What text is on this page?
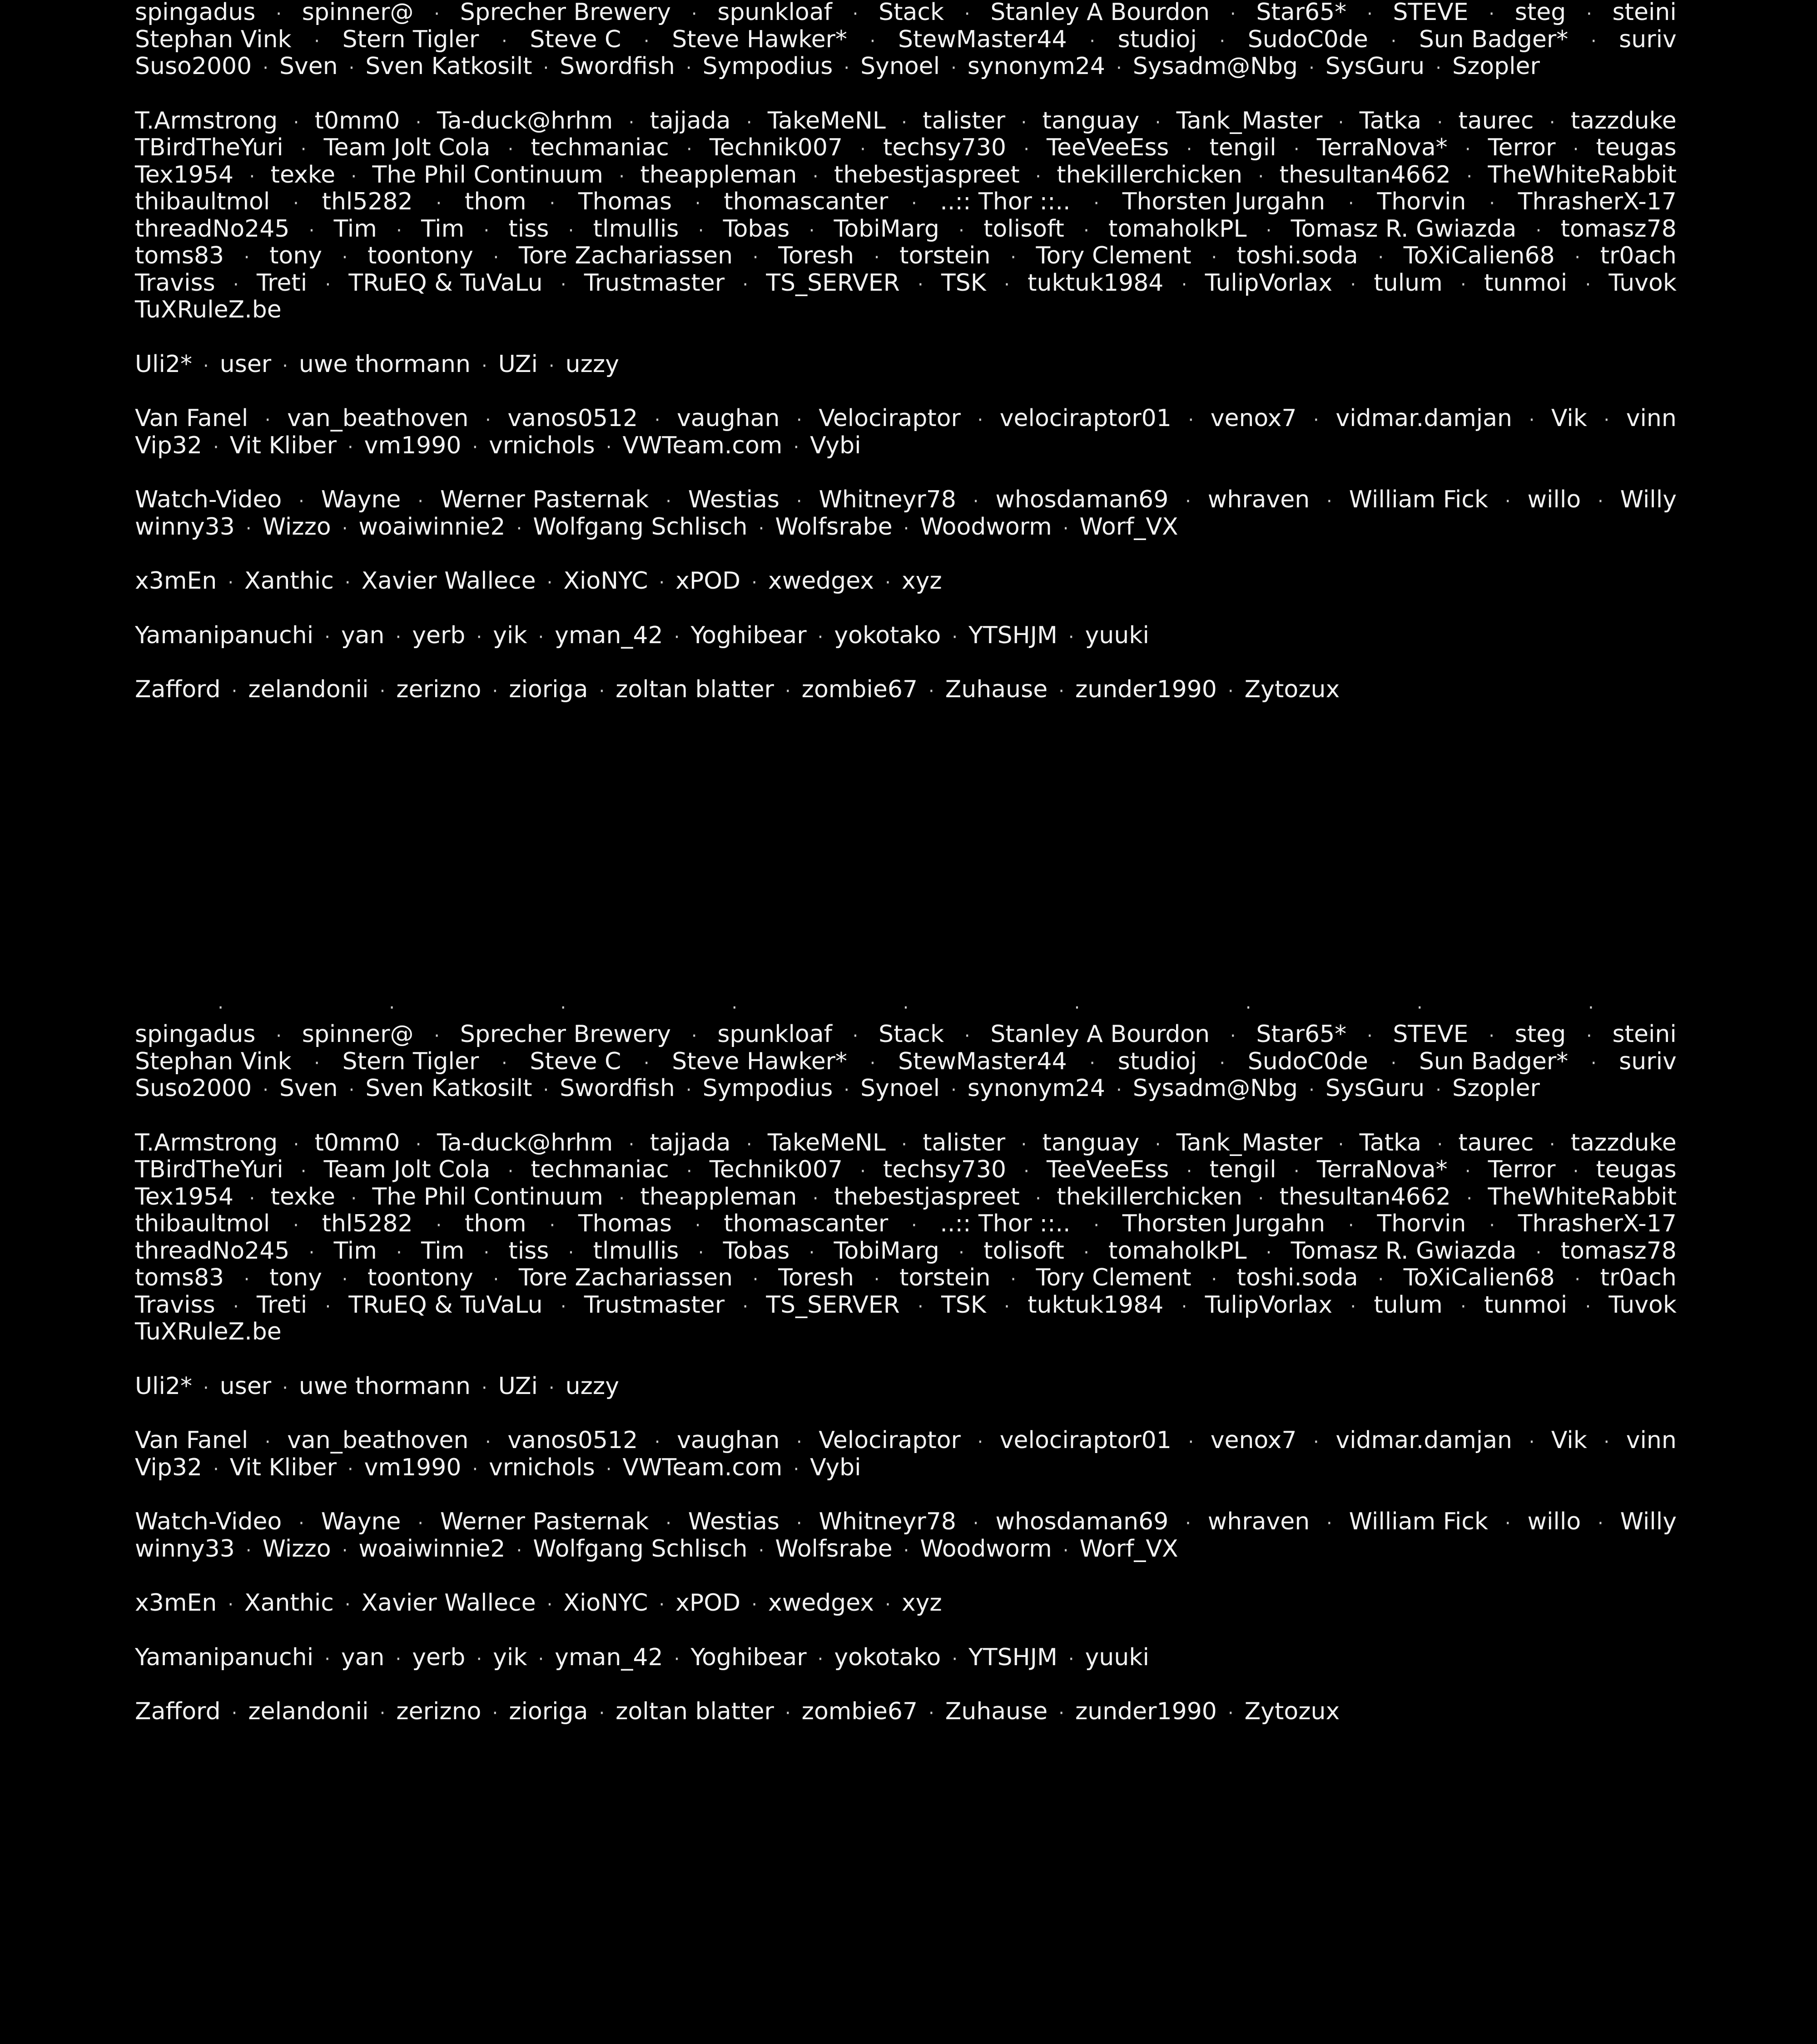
spingadus · spinner@ · Sprecher Brewery · spunkloaf · Stack · Stanley A Bourdon · Star65* · STEVE · steg · steini
Stephan Vink · Stern Tigler · Steve C · Steve Hawker* · StewMaster44 · studioj · SudoC0de · Sun Badger* · suriv
Suso2000 · Sven · Sven Katkosilt · Swordfish · Sympodius · Synoel · synonym24 · Sysadm@Nbg · SysGuru · Szopler
T.Armstrong · t0mm0 · Ta-duck@hrhm · tajjada · TakeMeNL · talister · tanguay · Tank_Master · Tatka · taurec · tazzduke
TBirdTheYuri · Team Jolt Cola · techmaniac · Technik007 · techsy730 · TeeVeeEss · tengil · TerraNova* · Terror · teugas
Tex1954 · texke · The Phil Continuum · theappleman · thebestjaspreet · thekillerchicken · thesultan4662 · TheWhiteRabbit
thibaultmol · thl5282 · thom · Thomas · thomascanter · ..:: Thor ::.. · Thorsten Jurgahn · Thorvin · ThrasherX-17
threadNo245 · Tim · Tim · tiss · tlmullis · Tobas · TobiMarg · tolisoft · tomaholkPL · Tomasz R. Gwiazda · tomasz78
toms83 · tony · toontony · Tore Zachariassen · Toresh · torstein · Tory Clement · toshi.soda · ToXiCalien68 · tr0ach
Traviss · Treti · TRuEQ & TuVaLu · Trustmaster · TS_SERVER · TSK · tuktuk1984 · TulipVorlax · tulum · tunmoi · Tuvok
TuXRuleZ.be
Uli2* · user · uwe thormann · UZi · uzzy
Van Fanel · van_beathoven · vanos0512 · vaughan · Velociraptor · velociraptor01 · venox7 · vidmar.damjan · Vik · vinn
Vip32 · Vit Kliber · vm1990 · vrnichols · VWTeam.com · Vybi
Watch-Video · Wayne · Werner Pasternak · Westias · Whitneyr78 · whosdaman69 · whraven · William Fick · willo · Willy
winny33 · Wizzo · woaiwinnie2 · Wolfgang Schlisch · Wolfsrabe · Woodworm · Worf_VX
x3mEn · Xanthic · Xavier Wallece · XioNYC · xPOD · xwedgex · xyz
Yamanipanuchi · yan · yerb · yik · yman_42 · Yoghibear · yokotako · YTSHJM · yuuki
Zafford · zelandonii · zerizno · zioriga · zoltan blatter · zombie67 · Zuhause · zunder1990 · Zytozux
·	·	·	·	·	·	·	·	·
spingadus · spinner@ · Sprecher Brewery · spunkloaf · Stack · Stanley A Bourdon · Star65* · STEVE · steg · steini
Stephan Vink · Stern Tigler · Steve C · Steve Hawker* · StewMaster44 · studioj · SudoC0de · Sun Badger* · suriv
Suso2000 · Sven · Sven Katkosilt · Swordfish · Sympodius · Synoel · synonym24 · Sysadm@Nbg · SysGuru · Szopler
T.Armstrong · t0mm0 · Ta-duck@hrhm · tajjada · TakeMeNL · talister · tanguay · Tank_Master · Tatka · taurec · tazzduke
TBirdTheYuri · Team Jolt Cola · techmaniac · Technik007 · techsy730 · TeeVeeEss · tengil · TerraNova* · Terror · teugas
Tex1954 · texke · The Phil Continuum · theappleman · thebestjaspreet · thekillerchicken · thesultan4662 · TheWhiteRabbit
thibaultmol · thl5282 · thom · Thomas · thomascanter · ..:: Thor ::.. · Thorsten Jurgahn · Thorvin · ThrasherX-17
threadNo245 · Tim · Tim · tiss · tlmullis · Tobas · TobiMarg · tolisoft · tomaholkPL · Tomasz R. Gwiazda · tomasz78
toms83 · tony · toontony · Tore Zachariassen · Toresh · torstein · Tory Clement · toshi.soda · ToXiCalien68 · tr0ach
Traviss · Treti · TRuEQ & TuVaLu · Trustmaster · TS_SERVER · TSK · tuktuk1984 · TulipVorlax · tulum · tunmoi · Tuvok
TuXRuleZ.be
Uli2* · user · uwe thormann · UZi · uzzy
Van Fanel · van_beathoven · vanos0512 · vaughan · Velociraptor · velociraptor01 · venox7 · vidmar.damjan · Vik · vinn
Vip32 · Vit Kliber · vm1990 · vrnichols · VWTeam.com · Vybi
Watch-Video · Wayne · Werner Pasternak · Westias · Whitneyr78 · whosdaman69 · whraven · William Fick · willo · Willy
winny33 · Wizzo · woaiwinnie2 · Wolfgang Schlisch · Wolfsrabe · Woodworm · Worf_VX
x3mEn · Xanthic · Xavier Wallece · XioNYC · xPOD · xwedgex · xyz
Yamanipanuchi · yan · yerb · yik · yman_42 · Yoghibear · yokotako · YTSHJM · yuuki
Zafford · zelandonii · zerizno · zioriga · zoltan blatter · zombie67 · Zuhause · zunder1990 · Zytozux
